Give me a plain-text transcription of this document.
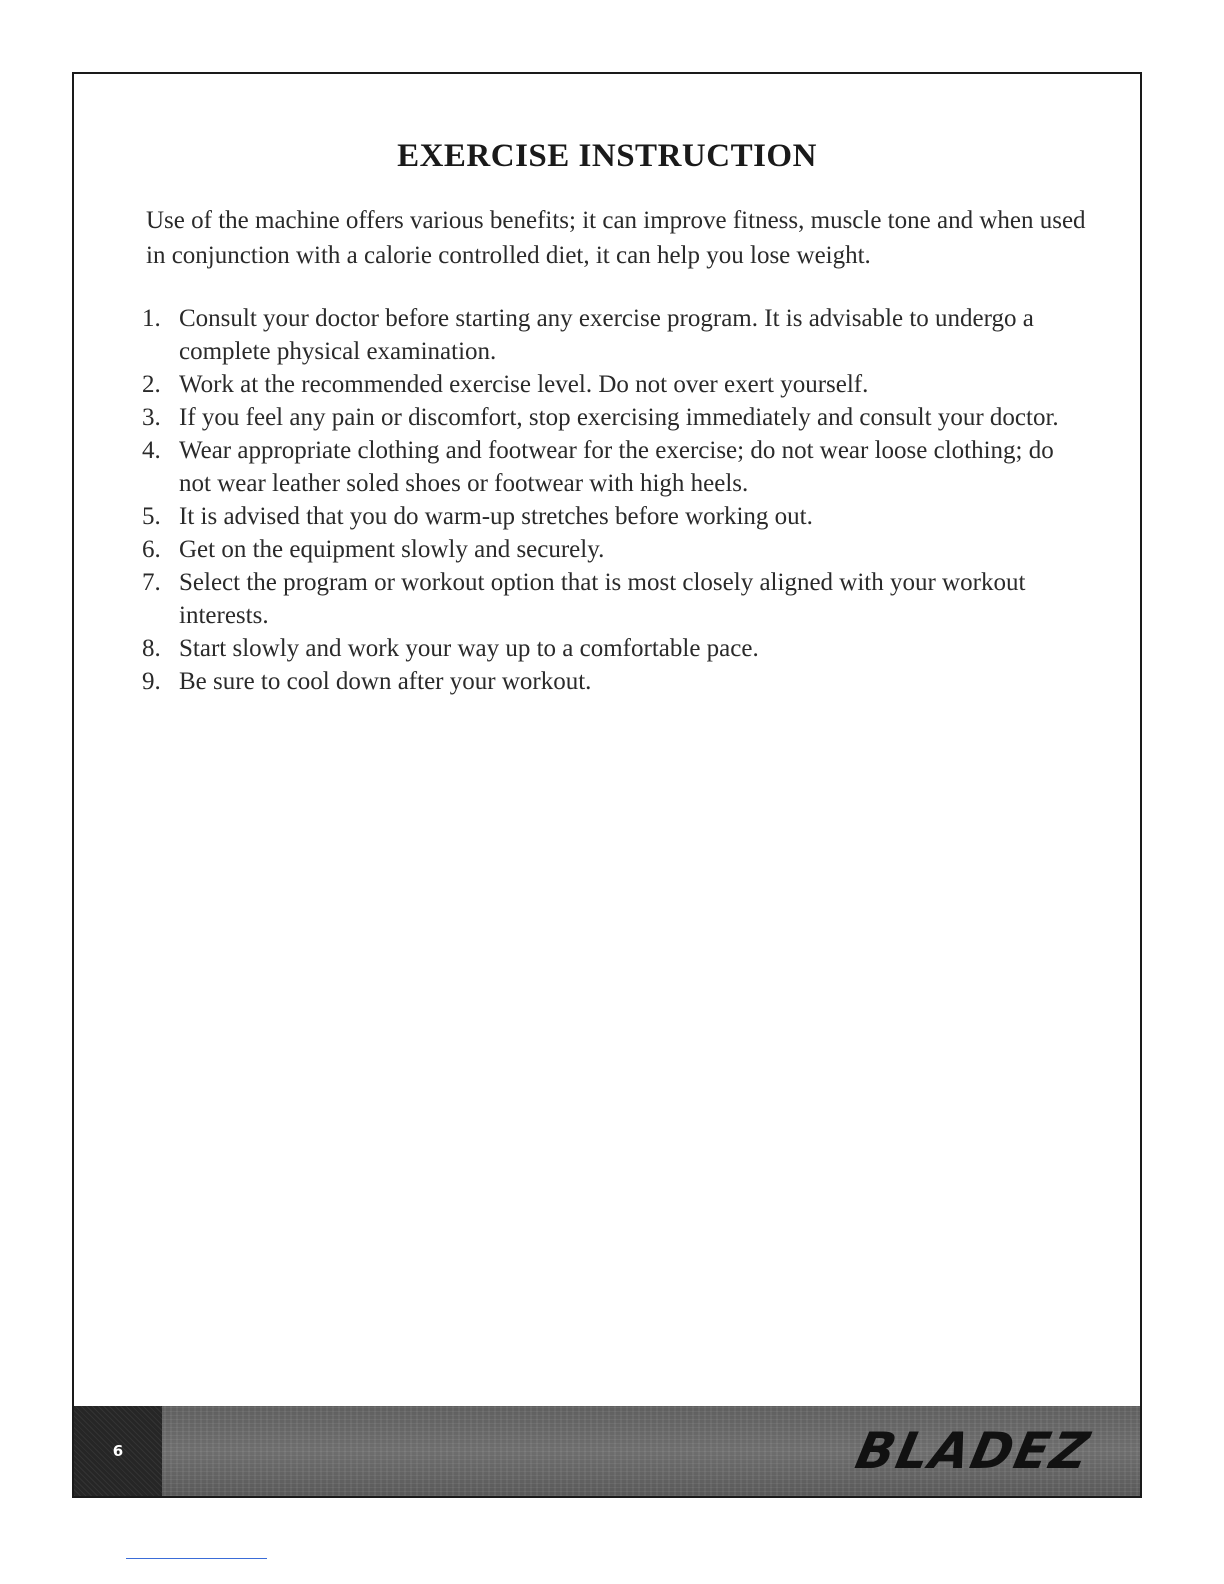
EXERCISE INSTRUCTION

Use of the machine offers various benefits; it can improve fitness, muscle tone and when used in conjunction with a calorie controlled diet, it can help you lose weight.

1. Consult your doctor before starting any exercise program. It is advisable to undergo a complete physical examination.
2. Work at the recommended exercise level. Do not over exert yourself.
3. If you feel any pain or discomfort, stop exercising immediately and consult your doctor.
4. Wear appropriate clothing and footwear for the exercise; do not wear loose clothing; do not wear leather soled shoes or footwear with high heels.
5. It is advised that you do warm-up stretches before working out.
6. Get on the equipment slowly and securely.
7. Select the program or workout option that is most closely aligned with your workout interests.
8. Start slowly and work your way up to a comfortable pace.
9. Be sure to cool down after your workout.
6	BLADEZ
